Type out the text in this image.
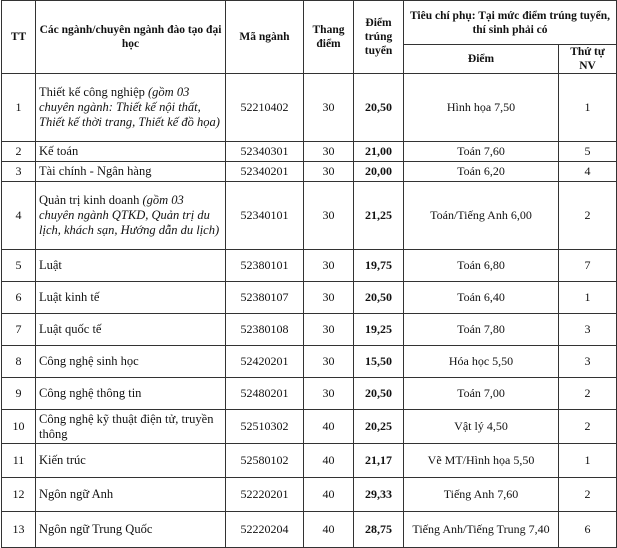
TT	Các ngành/chuyên ngành đào tạo đại học	Mã ngành	Thang điểm	Điểm trúng tuyển	Tiêu chí phụ: Tại mức điểm trúng tuyển, thí sinh phải có	
					Điểm	Thứ tự NV
1	Thiết kế công nghiệp (gồm 03 chuyên ngành: Thiết kế nội thất, Thiết kế thời trang, Thiết kế đồ họa)	52210402	30	20,50	Hình họa 7,50	1
2	Kế toán	52340301	30	21,00	Toán 7,60	5
3	Tài chính - Ngân hàng	52340201	30	20,00	Toán 6,20	4
4	Quản trị kinh doanh (gồm 03 chuyên ngành QTKD, Quản trị du lịch, khách sạn, Hướng dẫn du lịch)	52340101	30	21,25	Toán/Tiếng Anh 6,00	2
5	Luật	52380101	30	19,75	Toán 6,80	7
6	Luật kinh tế	52380107	30	20,50	Toán 6,40	1
7	Luật quốc tế	52380108	30	19,25	Toán 7,80	3
8	Công nghệ sinh học	52420201	30	15,50	Hóa học 5,50	3
9	Công nghệ thông tin	52480201	30	20,50	Toán 7,00	2
10	Công nghệ kỹ thuật điện tử, truyền thông	52510302	40	20,25	Vật lý 4,50	2
11	Kiến trúc	52580102	40	21,17	Vẽ MT/Hình họa 5,50	1
12	Ngôn ngữ Anh	52220201	40	29,33	Tiếng Anh 7,60	2
13	Ngôn ngữ Trung Quốc	52220204	40	28,75	Tiếng Anh/Tiếng Trung 7,40	6
